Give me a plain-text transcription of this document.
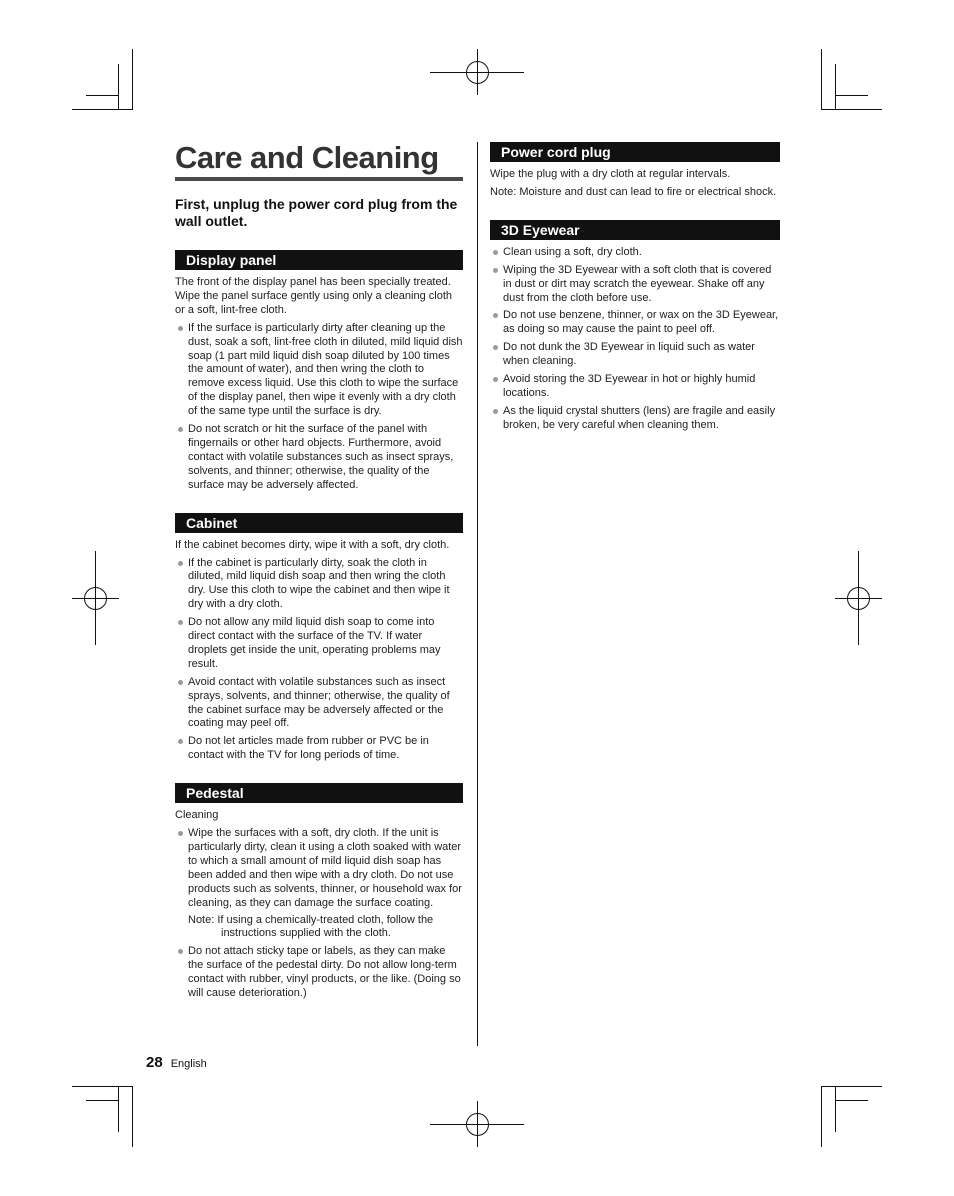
Care and Cleaning

First, unplug the power cord plug from the wall outlet.

Display panel

The front of the display panel has been specially treated. Wipe the panel surface gently using only a cleaning cloth or a soft, lint-free cloth.

If the surface is particularly dirty after cleaning up the dust, soak a soft, lint-free cloth in diluted, mild liquid dish soap (1 part mild liquid dish soap diluted by 100 times the amount of water), and then wring the cloth to remove excess liquid. Use this cloth to wipe the surface of the display panel, then wipe it evenly with a dry cloth of the same type until the surface is dry.
Do not scratch or hit the surface of the panel with fingernails or other hard objects. Furthermore, avoid contact with volatile substances such as insect sprays, solvents, and thinner; otherwise, the quality of the surface may be adversely affected.
Cabinet

If the cabinet becomes dirty, wipe it with a soft, dry cloth.

If the cabinet is particularly dirty, soak the cloth in diluted, mild liquid dish soap and then wring the cloth dry. Use this cloth to wipe the cabinet and then wipe it dry with a dry cloth.
Do not allow any mild liquid dish soap to come into direct contact with the surface of the TV. If water droplets get inside the unit, operating problems may result.
Avoid contact with volatile substances such as insect sprays, solvents, and thinner; otherwise, the quality of the cabinet surface may be adversely affected or the coating may peel off.
Do not let articles made from rubber or PVC be in contact with the TV for long periods of time.
Pedestal

Cleaning

Wipe the surfaces with a soft, dry cloth. If the unit is particularly dirty, clean it using a cloth soaked with water to which a small amount of mild liquid dish soap has been added and then wipe with a dry cloth. Do not use products such as solvents, thinner, or household wax for cleaning, as they can damage the surface coating.

Note: If using a chemically-treated cloth, follow the instructions supplied with the cloth.

Do not attach sticky tape or labels, as they can make the surface of the pedestal dirty. Do not allow long-term contact with rubber, vinyl products, or the like. (Doing so will cause deterioration.)
Power cord plug

Wipe the plug with a dry cloth at regular intervals.

Note: Moisture and dust can lead to fire or electrical shock.

3D Eyewear
Clean using a soft, dry cloth.
Wiping the 3D Eyewear with a soft cloth that is covered in dust or dirt may scratch the eyewear. Shake off any dust from the cloth before use.
Do not use benzene, thinner, or wax on the 3D Eyewear, as doing so may cause the paint to peel off.
Do not dunk the 3D Eyewear in liquid such as water when cleaning.
Avoid storing the 3D Eyewear in hot or highly humid locations.
As the liquid crystal shutters (lens) are fragile and easily broken, be very careful when cleaning them.
28 English
